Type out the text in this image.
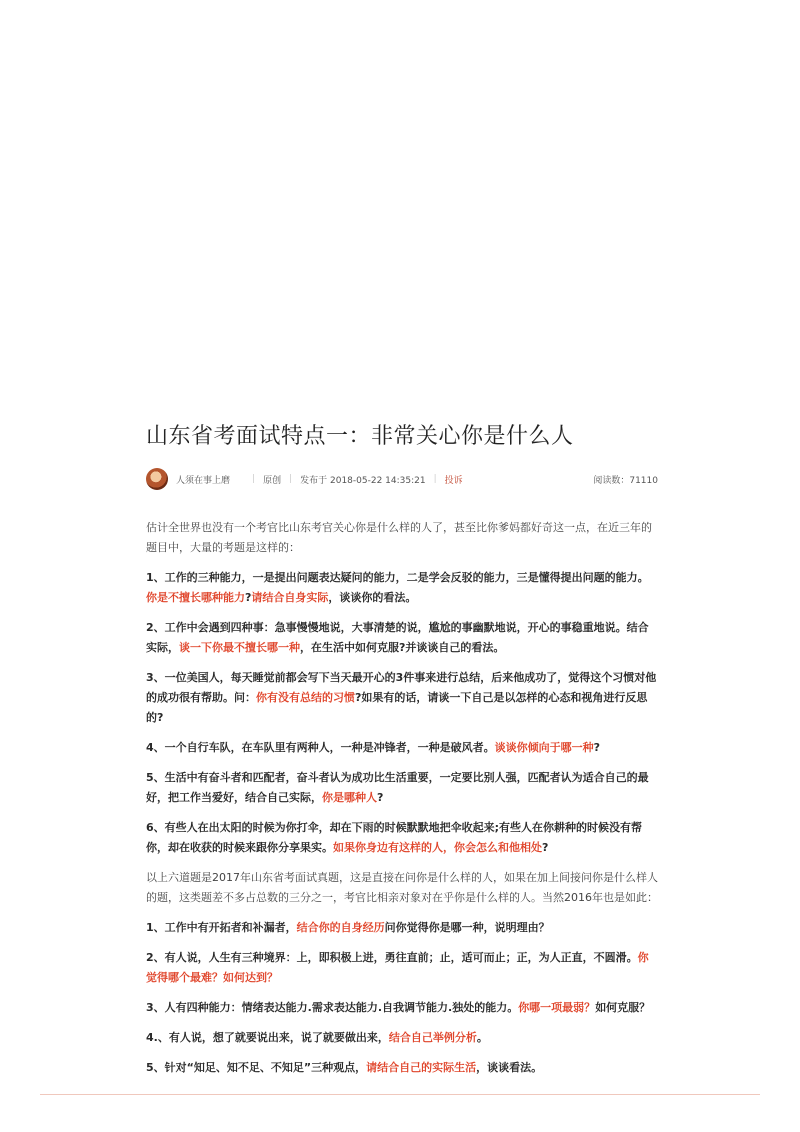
山东省考面试特点一：非常关心你是什么人
人须在事上磨 | 原创 | 发布于 2018-05-22 14:35:21 | 投诉	阅读数：71110

估计全世界也没有一个考官比山东考官关心你是什么样的人了，甚至比你爹妈都好奇这一点，在近三年的题目中，大量的考题是这样的：

1、工作的三种能力，一是提出问题表达疑问的能力，二是学会反驳的能力，三是懂得提出问题的能力。你是不擅长哪种能力?请结合自身实际，谈谈你的看法。

2、工作中会遇到四种事：急事慢慢地说，大事清楚的说，尴尬的事幽默地说，开心的事稳重地说。结合实际，谈一下你最不擅长哪一种，在生活中如何克服?并谈谈自己的看法。

3、一位美国人，每天睡觉前都会写下当天最开心的3件事来进行总结，后来他成功了，觉得这个习惯对他的成功很有帮助。问：你有没有总结的习惯?如果有的话，请谈一下自己是以怎样的心态和视角进行反思的?

4、一个自行车队，在车队里有两种人，一种是冲锋者，一种是破风者。谈谈你倾向于哪一种?

5、生活中有奋斗者和匹配者，奋斗者认为成功比生活重要，一定要比别人强，匹配者认为适合自己的最好，把工作当爱好，结合自己实际，你是哪种人?

6、有些人在出太阳的时候为你打伞，却在下雨的时候默默地把伞收起来;有些人在你耕种的时候没有帮你，却在收获的时候来跟你分享果实。如果你身边有这样的人，你会怎么和他相处?

以上六道题是2017年山东省考面试真题，这是直接在问你是什么样的人，如果在加上间接问你是什么样人的题，这类题差不多占总数的三分之一，考官比相亲对象对在乎你是什么样的人。当然2016年也是如此：

1、工作中有开拓者和补漏者，结合你的自身经历问你觉得你是哪一种，说明理由？

2、有人说，人生有三种境界：上，即积极上进，勇往直前；止，适可而止；正，为人正直，不圆滑。你觉得哪个最难？如何达到？

3、人有四种能力：情绪表达能力.需求表达能力.自我调节能力.独处的能力。你哪一项最弱？如何克服？

4.、有人说，想了就要说出来，说了就要做出来，结合自己举例分析。

5、针对“知足、知不足、不知足”三种观点，请结合自己的实际生活，谈谈看法。
